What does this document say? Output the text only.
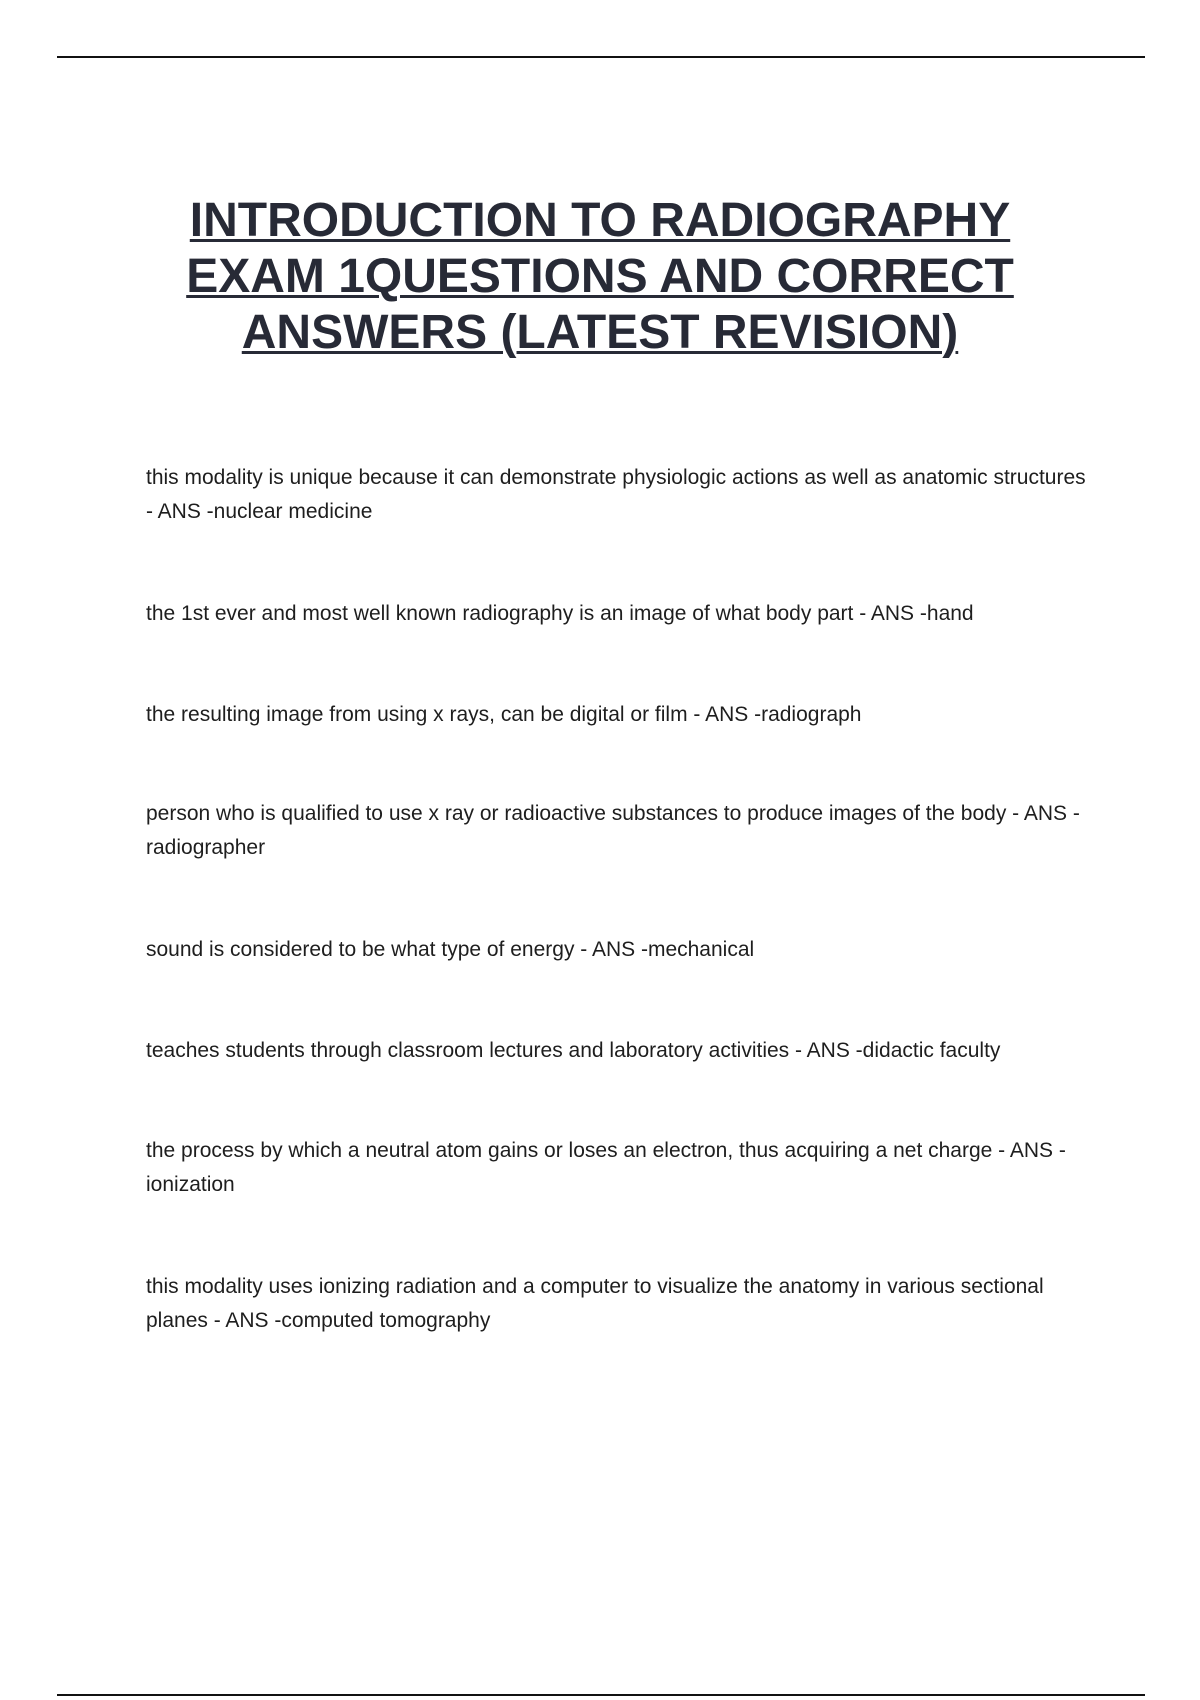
INTRODUCTION TO RADIOGRAPHY
EXAM 1QUESTIONS AND CORRECT
ANSWERS (LATEST REVISION)
this modality is unique because it can demonstrate physiologic actions as well as anatomic structures - ANS -nuclear medicine
the 1st ever and most well known radiography is an image of what body part - ANS -hand
the resulting image from using x rays, can be digital or film - ANS -radiograph
person who is qualified to use x ray or radioactive substances to produce images of the body - ANS -radiographer
sound is considered to be what type of energy - ANS -mechanical
teaches students through classroom lectures and laboratory activities - ANS -didactic faculty
the process by which a neutral atom gains or loses an electron, thus acquiring a net charge - ANS -ionization
this modality uses ionizing radiation and a computer to visualize the anatomy in various sectional planes - ANS -computed tomography
